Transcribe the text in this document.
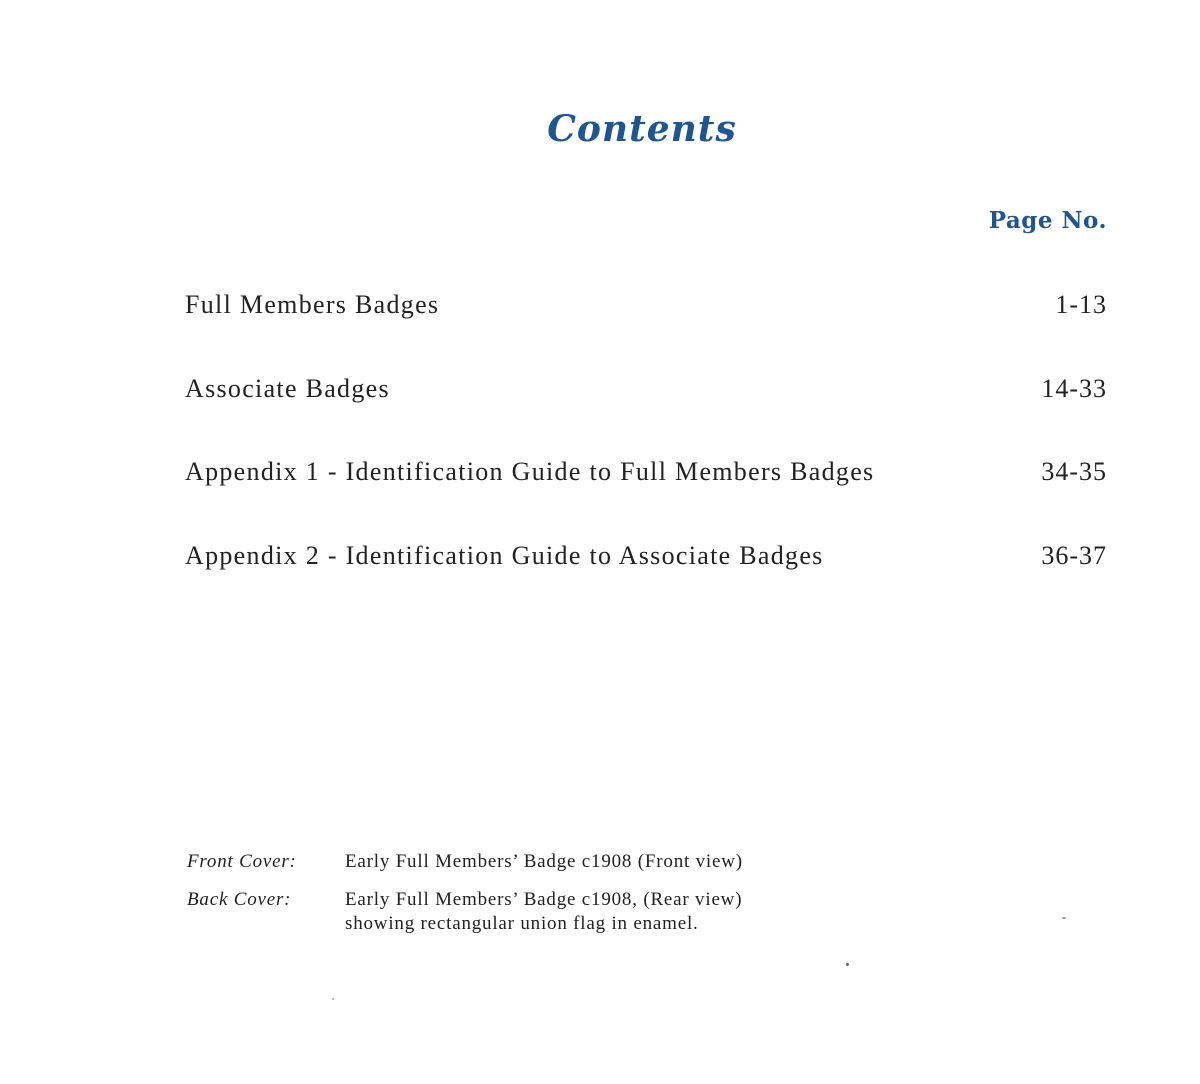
Contents
Page No.
Full Members Badges	1-13
Associate Badges	14-33
Appendix 1 - Identification Guide to Full Members Badges	34-35
Appendix 2 - Identification Guide to Associate Badges	36-37
Front Cover:	Early Full Members’ Badge c1908 (Front view)
Back Cover:	Early Full Members’ Badge c1908, (Rear view)
showing rectangular union flag in enamel.
